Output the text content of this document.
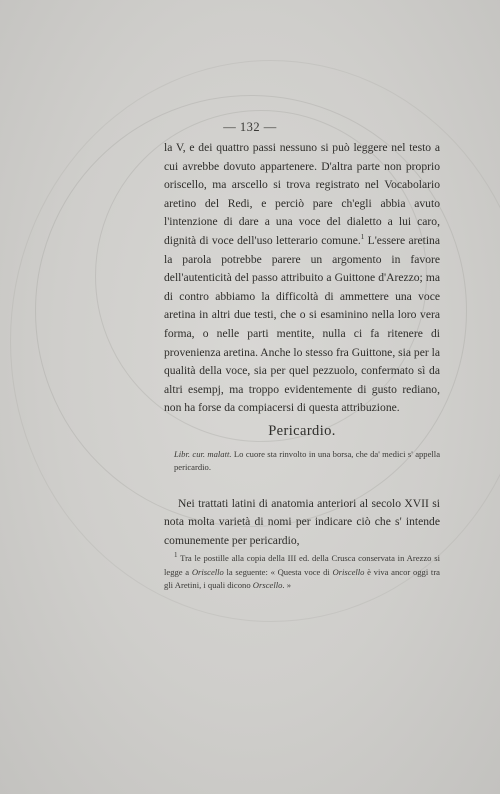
— 132 —

la V, e dei quattro passi nessuno si può leggere nel testo a cui avrebbe dovuto appartenere. D'altra parte non proprio oriscello, ma arscello si trova registrato nel Vocabolario aretino del Redi, e perciò pare ch'egli abbia avuto l'intenzione di dare a una voce del dialetto a lui caro, dignità di voce dell'uso letterario comune.$^1$ L'essere aretina la parola potrebbe parere un argomento in favore dell'autenticità del passo attribuito a Guittone d'Arezzo; ma di contro abbiamo la difficoltà di ammettere una voce aretina in altri due testi, che o si esaminino nella loro vera forma, o nelle parti mentite, nulla ci fa ritenere di provenienza aretina. Anche lo stesso fra Guittone, sia per la qualità della voce, sia per quel pezzuolo, confermato sì da altri esempj, ma troppo evidentemente di gusto rediano, non ha forse da compiacersi di questa attribuzione.

Pericardio.
Libr. cur. malatt. Lo cuore sta rinvolto in una borsa, che da' medici s' appella pericardio.

Nei trattati latini di anatomia anteriori al secolo XVII si nota molta varietà di nomi per indicare ciò che s' intende comunemente per pericardio,

$^1$ Tra le postille alla copia della III ed. della Crusca conservata in Arezzo si legge a Oriscello la seguente: « Questa voce di Oriscello è viva ancor oggi tra gli Aretini, i quali dicono Orscello. »
